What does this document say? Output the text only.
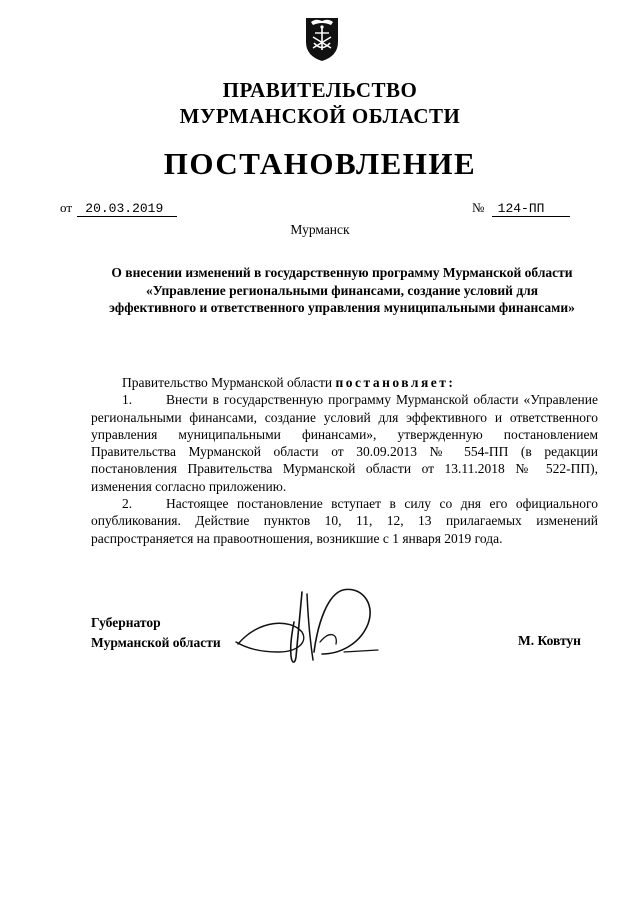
ПРАВИТЕЛЬСТВО
МУРМАНСКОЙ ОБЛАСТИ
ПОСТАНОВЛЕНИЕ
от 20.03.2019	№ 124-ПП
Мурманск
О внесении изменений в государственную программу Мурманской области «Управление региональными финансами, создание условий для эффективного и ответственного управления муниципальными финансами»

Правительство Мурманской области постановляет:

1.	Внести в государственную программу Мурманской области «Управление региональными финансами, создание условий для эффективного и ответственного управления муниципальными финансами», утвержденную постановлением Правительства Мурманской области от 30.09.2013 № 554-ПП (в редакции постановления Правительства Мурманской области от 13.11.2018 № 522-ПП), изменения согласно приложению.

2.	Настоящее постановление вступает в силу со дня его официального опубликования. Действие пунктов 10, 11, 12, 13 прилагаемых изменений распространяется на правоотношения, возникшие с 1 января 2019 года.

Губернатор
Мурманской области	М. Ковтун
